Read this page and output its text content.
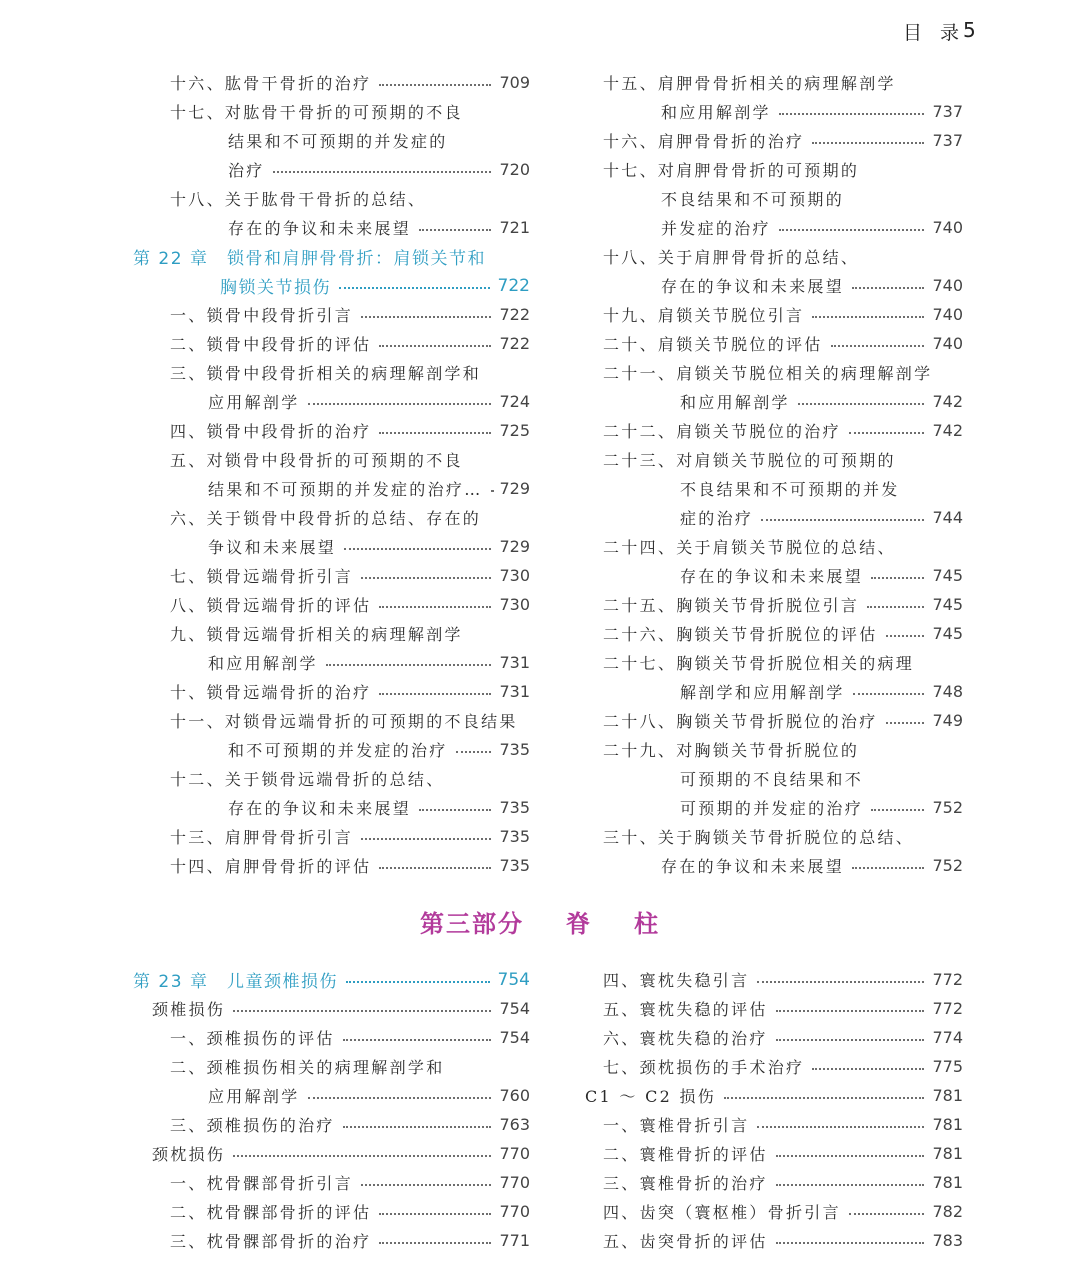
目 录
5
十六、肱骨干骨折的治疗	709
十七、对肱骨干骨折的可预期的不良
结果和不可预期的并发症的
治疗	720
十八、关于肱骨干骨折的总结、
存在的争议和未来展望	721
第 22 章　锁骨和肩胛骨骨折：肩锁关节和
胸锁关节损伤	722
一、锁骨中段骨折引言	722
二、锁骨中段骨折的评估	722
三、锁骨中段骨折相关的病理解剖学和
应用解剖学	724
四、锁骨中段骨折的治疗	725
五、对锁骨中段骨折的可预期的不良
结果和不可预期的并发症的治疗… 729
六、关于锁骨中段骨折的总结、存在的
争议和未来展望	729
七、锁骨远端骨折引言	730
八、锁骨远端骨折的评估	730
九、锁骨远端骨折相关的病理解剖学
和应用解剖学	731
十、锁骨远端骨折的治疗	731
十一、对锁骨远端骨折的可预期的不良结果
和不可预期的并发症的治疗	735
十二、关于锁骨远端骨折的总结、
存在的争议和未来展望	735
十三、肩胛骨骨折引言	735
十四、肩胛骨骨折的评估	735
十五、肩胛骨骨折相关的病理解剖学
和应用解剖学	737
十六、肩胛骨骨折的治疗	737
十七、对肩胛骨骨折的可预期的
不良结果和不可预期的
并发症的治疗	740
十八、关于肩胛骨骨折的总结、
存在的争议和未来展望	740
十九、肩锁关节脱位引言	740
二十、肩锁关节脱位的评估	740
二十一、肩锁关节脱位相关的病理解剖学
和应用解剖学	742
二十二、肩锁关节脱位的治疗	742
二十三、对肩锁关节脱位的可预期的
不良结果和不可预期的并发
症的治疗	744
二十四、关于肩锁关节脱位的总结、
存在的争议和未来展望	745
二十五、胸锁关节骨折脱位引言	745
二十六、胸锁关节骨折脱位的评估	745
二十七、胸锁关节骨折脱位相关的病理
解剖学和应用解剖学	748
二十八、胸锁关节骨折脱位的治疗	749
二十九、对胸锁关节骨折脱位的
可预期的不良结果和不
可预期的并发症的治疗	752
三十、关于胸锁关节骨折脱位的总结、
存在的争议和未来展望	752
第三部分 脊 柱
第 23 章　儿童颈椎损伤	754
颈椎损伤	754
一、颈椎损伤的评估	754
二、颈椎损伤相关的病理解剖学和
应用解剖学	760
三、颈椎损伤的治疗	763
颈枕损伤	770
一、枕骨髁部骨折引言	770
二、枕骨髁部骨折的评估	770
三、枕骨髁部骨折的治疗	771
四、寰枕失稳引言	772
五、寰枕失稳的评估	772
六、寰枕失稳的治疗	774
七、颈枕损伤的手术治疗	775
C1 ～ C2 损伤	781
一、寰椎骨折引言	781
二、寰椎骨折的评估	781
三、寰椎骨折的治疗	781
四、齿突（寰枢椎）骨折引言	782
五、齿突骨折的评估	783
